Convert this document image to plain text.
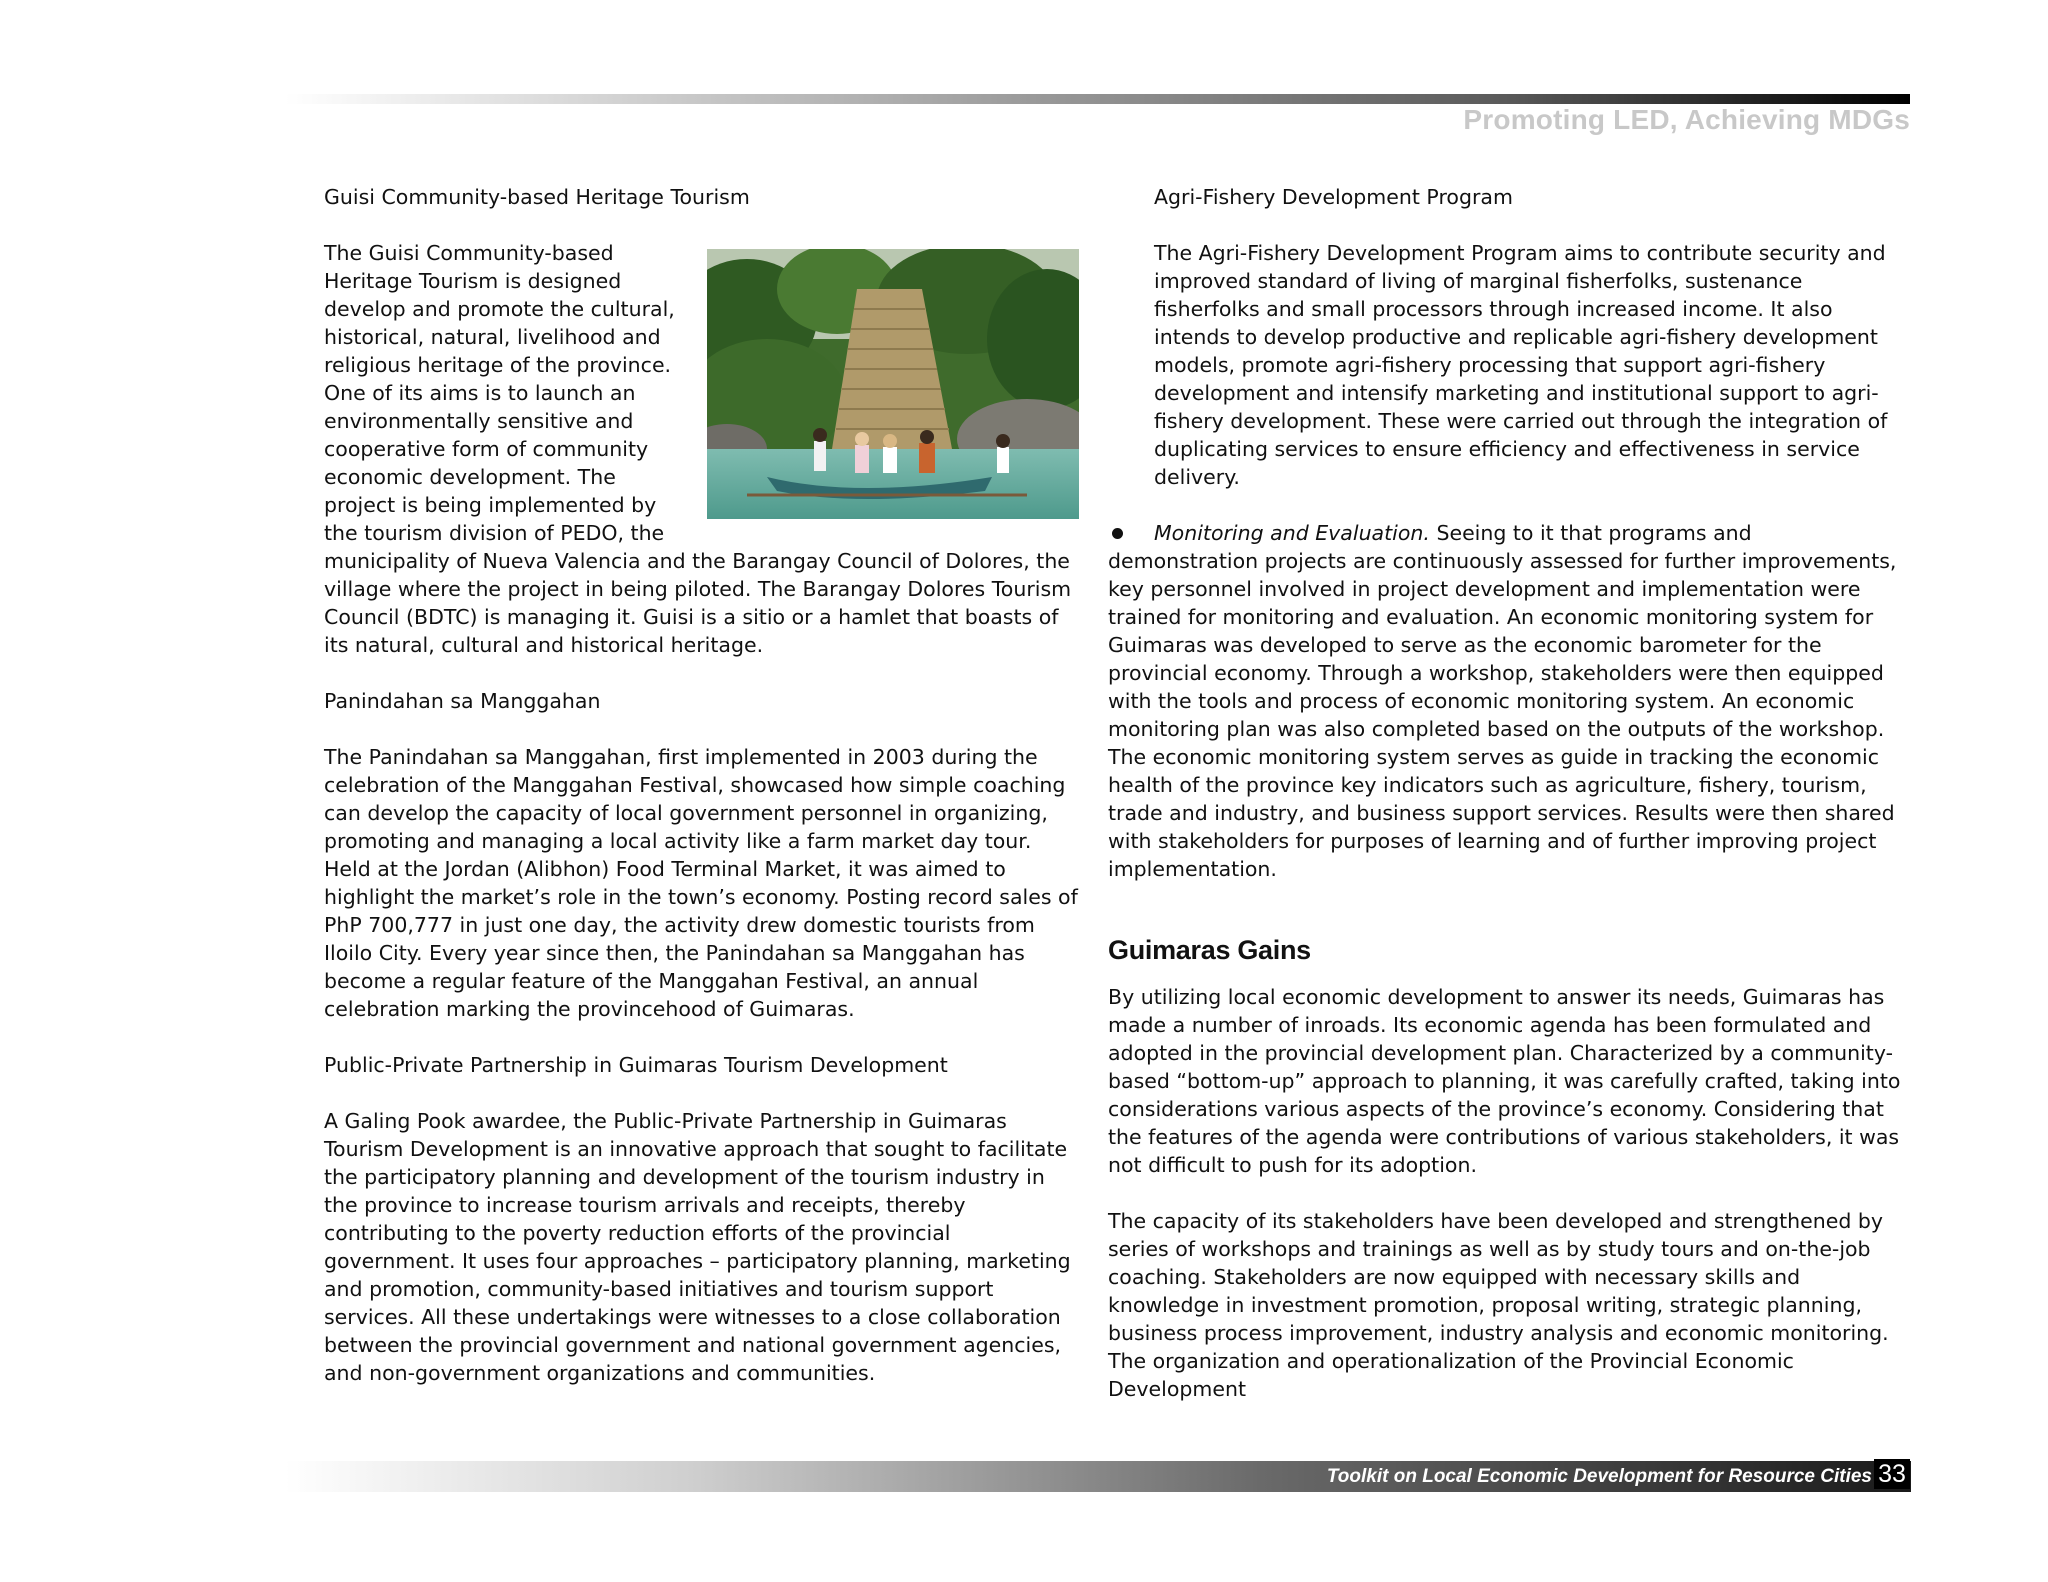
Promoting LED, Achieving MDGs

Guisi Community-based Heritage Tourism

The Guisi Community-based Heritage Tourism is designed develop and promote the cultural, historical, natural, livelihood and religious heritage of the province. One of its aims is to launch an environmentally sensitive and cooperative form of community economic development. The project is being implemented by the tourism division of PEDO, the municipality of Nueva Valencia and the Barangay Council of Dolores, the village where the project in being piloted. The Barangay Dolores Tourism Council (BDTC) is managing it. Guisi is a sitio or a hamlet that boasts of its natural, cultural and historical heritage.

Panindahan sa Manggahan

The Panindahan sa Manggahan, first implemented in 2003 during the celebration of the Manggahan Festival, showcased how simple coaching can develop the capacity of local government personnel in organizing, promoting and managing a local activity like a farm market day tour. Held at the Jordan (Alibhon) Food Terminal Market, it was aimed to highlight the market’s role in the town’s economy. Posting record sales of PhP 700,777 in just one day, the activity drew domestic tourists from Iloilo City. Every year since then, the Panindahan sa Manggahan has become a regular feature of the Manggahan Festival, an annual celebration marking the provincehood of Guimaras.

Public-Private Partnership in Guimaras Tourism Development

A Galing Pook awardee, the Public-Private Partnership in Guimaras Tourism Development is an innovative approach that sought to facilitate the participatory planning and development of the tourism industry in the province to increase tourism arrivals and receipts, thereby contributing to the poverty reduction efforts of the provincial government. It uses four approaches – participatory planning, marketing and promotion, community-based initiatives and tourism support services. All these undertakings were witnesses to a close collaboration between the provincial government and national government agencies, and non-government organizations and communities.

Agri-Fishery Development Program

The Agri-Fishery Development Program aims to contribute security and improved standard of living of marginal fisherfolks, sustenance fisherfolks and small processors through increased income. It also intends to develop productive and replicable agri-fishery development models, promote agri-fishery processing that support agri-fishery development and intensify marketing and institutional support to agri-fishery development. These were carried out through the integration of duplicating services to ensure efficiency and effectiveness in service delivery.

Monitoring and Evaluation. Seeing to it that programs and demonstration projects are continuously assessed for further improvements, key personnel involved in project development and implementation were trained for monitoring and evaluation. An economic monitoring system for Guimaras was developed to serve as the economic barometer for the provincial economy. Through a workshop, stakeholders were then equipped with the tools and process of economic monitoring system. An economic monitoring plan was also completed based on the outputs of the workshop. The economic monitoring system serves as guide in tracking the economic health of the province key indicators such as agriculture, fishery, tourism, trade and industry, and business support services. Results were then shared with stakeholders for purposes of learning and of further improving project implementation.

Guimaras Gains

By utilizing local economic development to answer its needs, Guimaras has made a number of inroads. Its economic agenda has been formulated and adopted in the provincial development plan. Characterized by a community-based “bottom-up” approach to planning, it was carefully crafted, taking into considerations various aspects of the province’s economy. Considering that the features of the agenda were contributions of various stakeholders, it was not difficult to push for its adoption.

The capacity of its stakeholders have been developed and strengthened by series of workshops and trainings as well as by study tours and on-the-job coaching. Stakeholders are now equipped with necessary skills and knowledge in investment promotion, proposal writing, strategic planning, business process improvement, industry analysis and economic monitoring. The organization and operationalization of the Provincial Economic Development

Toolkit on Local Economic Development for Resource Cities 33
